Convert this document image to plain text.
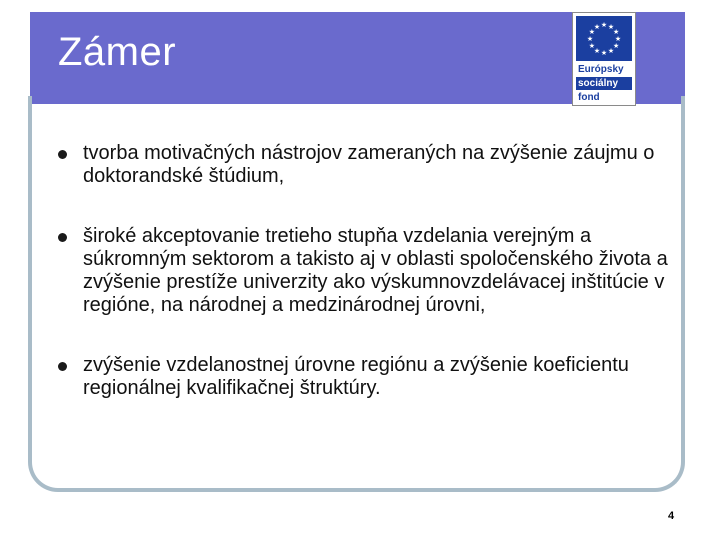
Zámer
★ ★
★
★
★
★
★
★
★
★
★
★
Európsky
sociálny
fond
tvorba motivačných nástrojov zameraných na zvýšenie záujmu o doktorandské štúdium,
široké akceptovanie tretieho stupňa vzdelania verejným a súkromným sektorom a takisto aj v oblasti spoločenského života a zvýšenie prestíže univerzity ako výskumnovzdelávacej inštitúcie v regióne, na národnej a medzinárodnej úrovni,
zvýšenie vzdelanostnej úrovne regiónu a zvýšenie koeficientu regionálnej kvalifikačnej štruktúry.
4
